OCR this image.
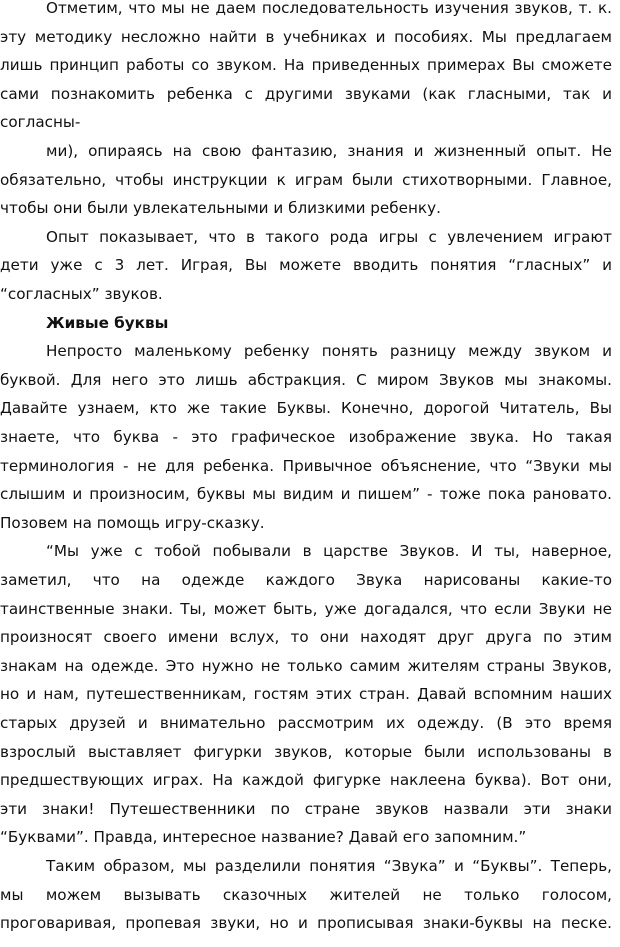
Отметим, что мы не даем последовательность изучения звуков, т. к.
эту методику несложно найти в учебниках и пособиях. Мы предлагаем
лишь принцип работы со звуком. На приведенных примерах Вы сможете
сами познакомить ребенка с другими звуками (как гласными, так и
согласны-
ми), опираясь на свою фантазию, знания и жизненный опыт. Не
обязательно, чтобы инструкции к играм были стихотворными. Главное,
чтобы они были увлекательными и близкими ребенку.
Опыт показывает, что в такого рода игры с увлечением играют
дети уже с 3 лет. Играя, Вы можете вводить понятия “гласных” и
“согласных” звуков.
Живые буквы
Непросто маленькому ребенку понять разницу между звуком и
буквой. Для него это лишь абстракция. С миром Звуков мы знакомы.
Давайте узнаем, кто же такие Буквы. Конечно, дорогой Читатель, Вы
знаете, что буква - это графическое изображение звука. Но такая
терминология - не для ребенка. Привычное объяснение, что “Звуки мы
слышим и произносим, буквы мы видим и пишем” - тоже пока рановато.
Позовем на помощь игру-сказку.
“Мы уже с тобой побывали в царстве Звуков. И ты, наверное,
заметил, что на одежде каждого Звука нарисованы какие-то
таинственные знаки. Ты, может быть, уже догадался, что если Звуки не
произносят своего имени вслух, то они находят друг друга по этим
знакам на одежде. Это нужно не только самим жителям страны Звуков,
но и нам, путешественникам, гостям этих стран. Давай вспомним наших
старых друзей и внимательно рассмотрим их одежду. (В это время
взрослый выставляет фигурки звуков, которые были использованы в
предшествующих играх. На каждой фигурке наклеена буква). Вот они,
эти знаки! Путешественники по стране звуков назвали эти знаки
“Буквами”. Правда, интересное название? Давай его запомним.”
Таким образом, мы разделили понятия “Звука” и “Буквы”. Теперь,
мы можем вызывать сказочных жителей не только голосом,
проговаривая, пропевая звуки, но и прописывая знаки-буквы на песке.
